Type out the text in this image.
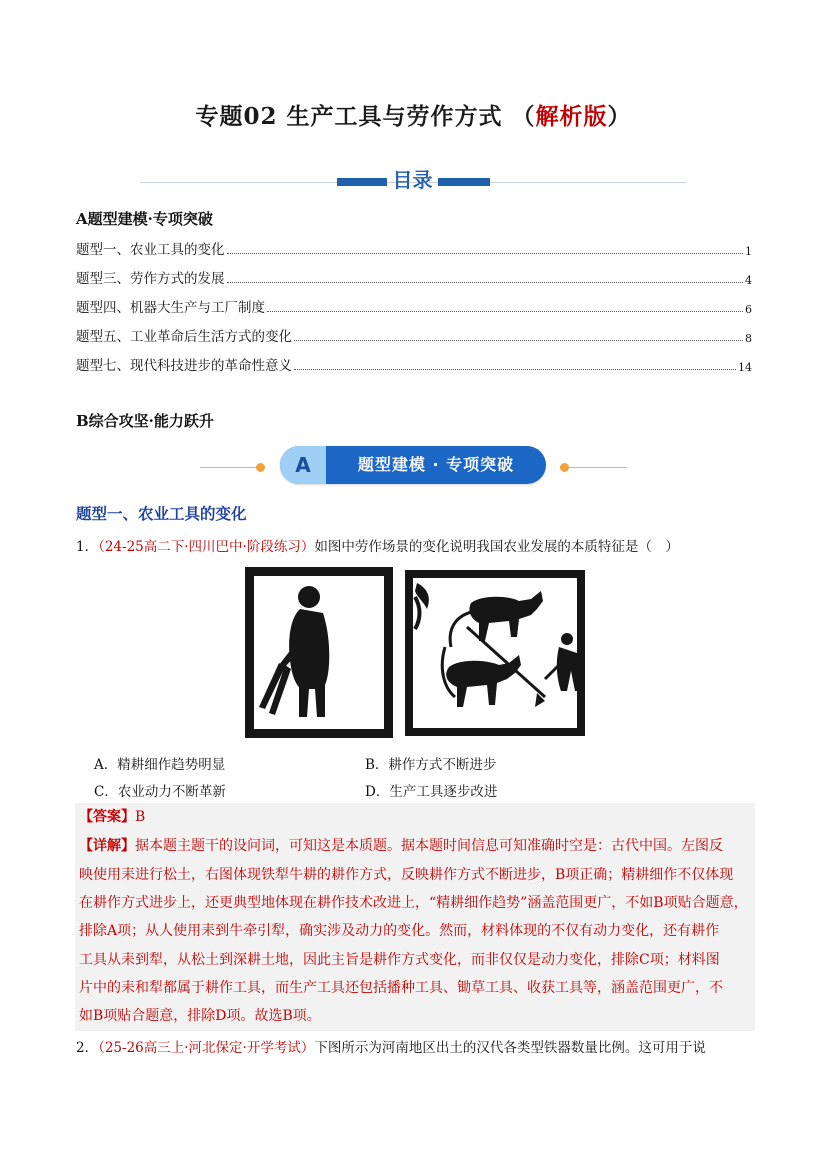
专题02 生产工具与劳作方式 （解析版）
目录
A题型建模·专项突破
题型一、农业工具的变化	1
题型三、劳作方式的发展	4
题型四、机器大生产与工厂制度	6
题型五、工业革命后生活方式的变化	8
题型七、现代科技进步的革命性意义	14
B综合攻坚·能力跃升
A	题型建模 · 专项突破
题型一、农业工具的变化
1．（24-25高二下·四川巴中·阶段练习）如图中劳作场景的变化说明我国农业发展的本质特征是（　）
A．精耕细作趋势明显	B．耕作方式不断进步
C．农业动力不断革新	D．生产工具逐步改进

【答案】B

【详解】据本题主题干的设问词，可知这是本质题。据本题时间信息可知准确时空是：古代中国。左图反

映使用耒进行松土，右图体现铁犁牛耕的耕作方式，反映耕作方式不断进步，B项正确；精耕细作不仅体现

在耕作方式进步上，还更典型地体现在耕作技术改进上，“精耕细作趋势”涵盖范围更广，不如B项贴合题意，

排除A项；从人使用耒到牛牵引犁，确实涉及动力的变化。然而，材料体现的不仅有动力变化，还有耕作

工具从耒到犁，从松土到深耕土地，因此主旨是耕作方式变化，而非仅仅是动力变化，排除C项；材料图

片中的耒和犁都属于耕作工具，而生产工具还包括播种工具、锄草工具、收获工具等，涵盖范围更广，不

如B项贴合题意，排除D项。故选B项。

2．（25-26高三上·河北保定·开学考试）下图所示为河南地区出土的汉代各类型铁器数量比例。这可用于说
